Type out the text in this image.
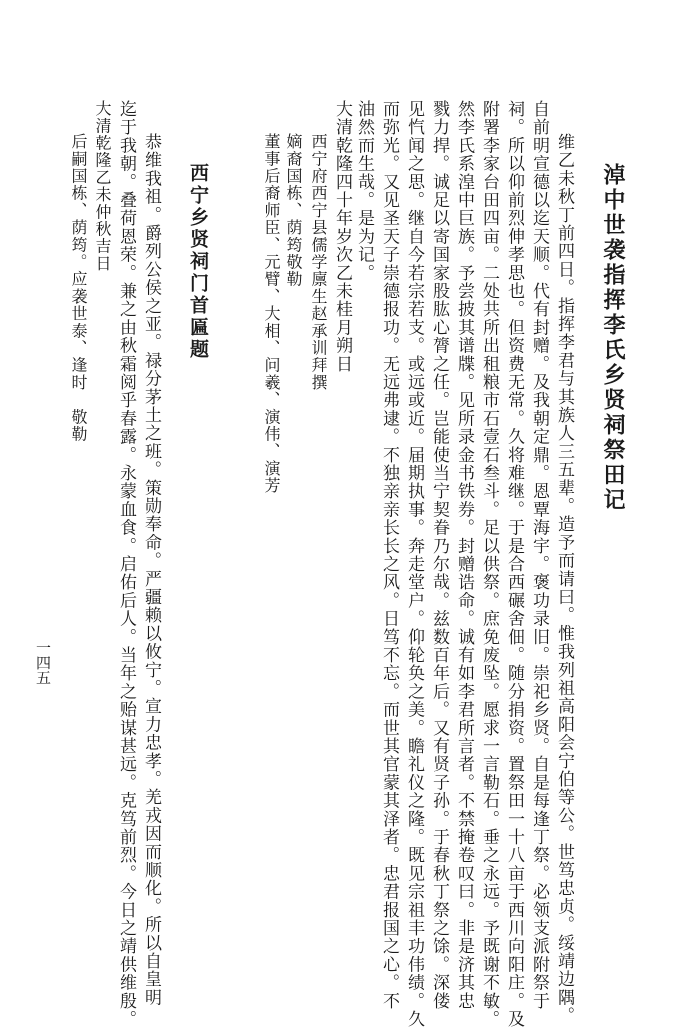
淖中世袭指挥李氏乡贤祠祭田记
维乙未秋丁前四日。指挥李君与其族人三五辈。造予而请曰。惟我列祖高阳会宁伯等公。世笃忠贞。绥靖边隅。
自前明宣德以迄天顺。代有封赠。及我朝定鼎。恩覃海宇。褒功录旧。崇祀乡贤。自是每逢丁祭。必领支派附祭于
祠。所以仰前烈伸孝思也。但资费无常。久将难继。于是合西碾舍佃。随分捐资。置祭田一十八亩于西川向阳庄。及
附署李家台田四亩。二处共所出租粮市石壹石叁斗。足以供祭。庶免废坠。愿求一言勒石。垂之永远。予既谢不敏。
然李氏系湟中巨族。予尝披其谱牒。见所录金书铁券。封赠诰命。诚有如李君所言者。不禁掩卷叹曰。非是济其忠
戮力捍。诚足以寄国家股肱心膂之任。岂能使当宁契眷乃尔哉。兹数百年后。又有贤子孙。于春秋丁祭之馀。深偻
见忾闻之思。继自今若宗若支。或远或近。届期执事。奔走堂户。仰轮奂之美。瞻礼仪之隆。既见宗祖丰功伟绩。久
而弥光。又见圣天子崇德报功。无远弗逮。不独亲亲长长之风。日笃不忘。而世其官蒙其泽者。忠君报国之心。不
油然而生哉。是为记。
大清乾隆四十年岁次乙未桂月朔日
西宁府西宁县儒学廪生赵承训拜撰
嫡裔国栋、荫筠敬勒
董事后裔师臣、元臂、大相、问羲、演伟、演芳
西宁乡贤祠门首匾题
恭维我祖。爵列公侯之亚。禄分茅土之班。策勋奉命。严疆赖以攸宁。宣力忠孝。羌戎因而顺化。所以自皇明
迄于我朝。叠荷恩荣。兼之由秋霜阅乎春露。永蒙血食。启佑后人。当年之贻谋甚远。克笃前烈。今日之靖供维殷。
大清乾隆乙未仲秋吉日
后嗣国栋、荫筠。应袭世泰、逢时　敬勒
一四五
